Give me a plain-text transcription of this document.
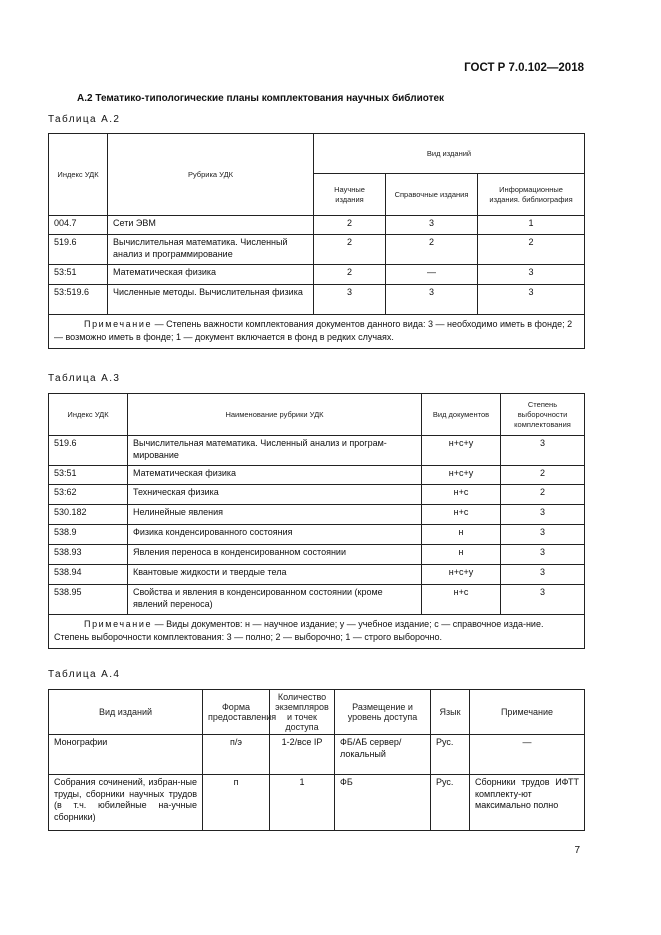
ГОСТ Р 7.0.102—2018
A.2 Тематико-типологические планы комплектования научных библиотек
Таблица А.2
Индекс УДК	Рубрика УДК	Вид изданий		
		Научные издания	Справочные издания	Информационные издания. библиография
004.7	Сети ЭВМ	2	3	1
519.6	Вычислительная математика. Численный анализ и программирование	2	2	2
53:51	Математическая физика	2	—	3
53:519.6	Численные методы. Вычислительная физика	3	3	3
Примечание — Степень важности комплектования документов данного вида: 3 — необходимо иметь в фонде; 2 — возможно иметь в фонде; 1 — документ включается в фонд в редких случаях.				
Таблица А.3
Индекс УДК	Наименование рубрики УДК	Вид документов	Степень выборочности комплектования
519.6	Вычислительная математика. Численный анализ и програм-мирование	н+с+у	3
53:51	Математическая физика	н+с+у	2
53:62	Техническая физика	н+с	2
530.182	Нелинейные явления	н+с	3
538.9	Физика конденсированного состояния	н	3
538.93	Явления переноса в конденсированном состоянии	н	3
538.94	Квантовые жидкости и твердые тела	н+с+у	3
538.95	Свойства и явления в конденсированном состоянии (кроме явлений переноса)	н+с	3
Примечание — Виды документов: н — научное издание; у — учебное издание; с — справочное изда-ние. Степень выборочности комплектования: 3 — полно; 2 — выборочно; 1 — строго выборочно.			
Таблица А.4
Вид изданий	Форма предоставления	Количество экземпляров и точек доступа	Размещение и уровень доступа	Язык	Примечание
Монографии	п/э	1-2/все IP	ФБ/АБ сервер/ локальный	Рус.	—
Собрания сочинений, избран-ные труды, сборники научных трудов (в т.ч. юбилейные на-учные сборники)	п	1	ФБ	Рус.	Сборники трудов ИФТТ комплекту-ют максимально полно
7
